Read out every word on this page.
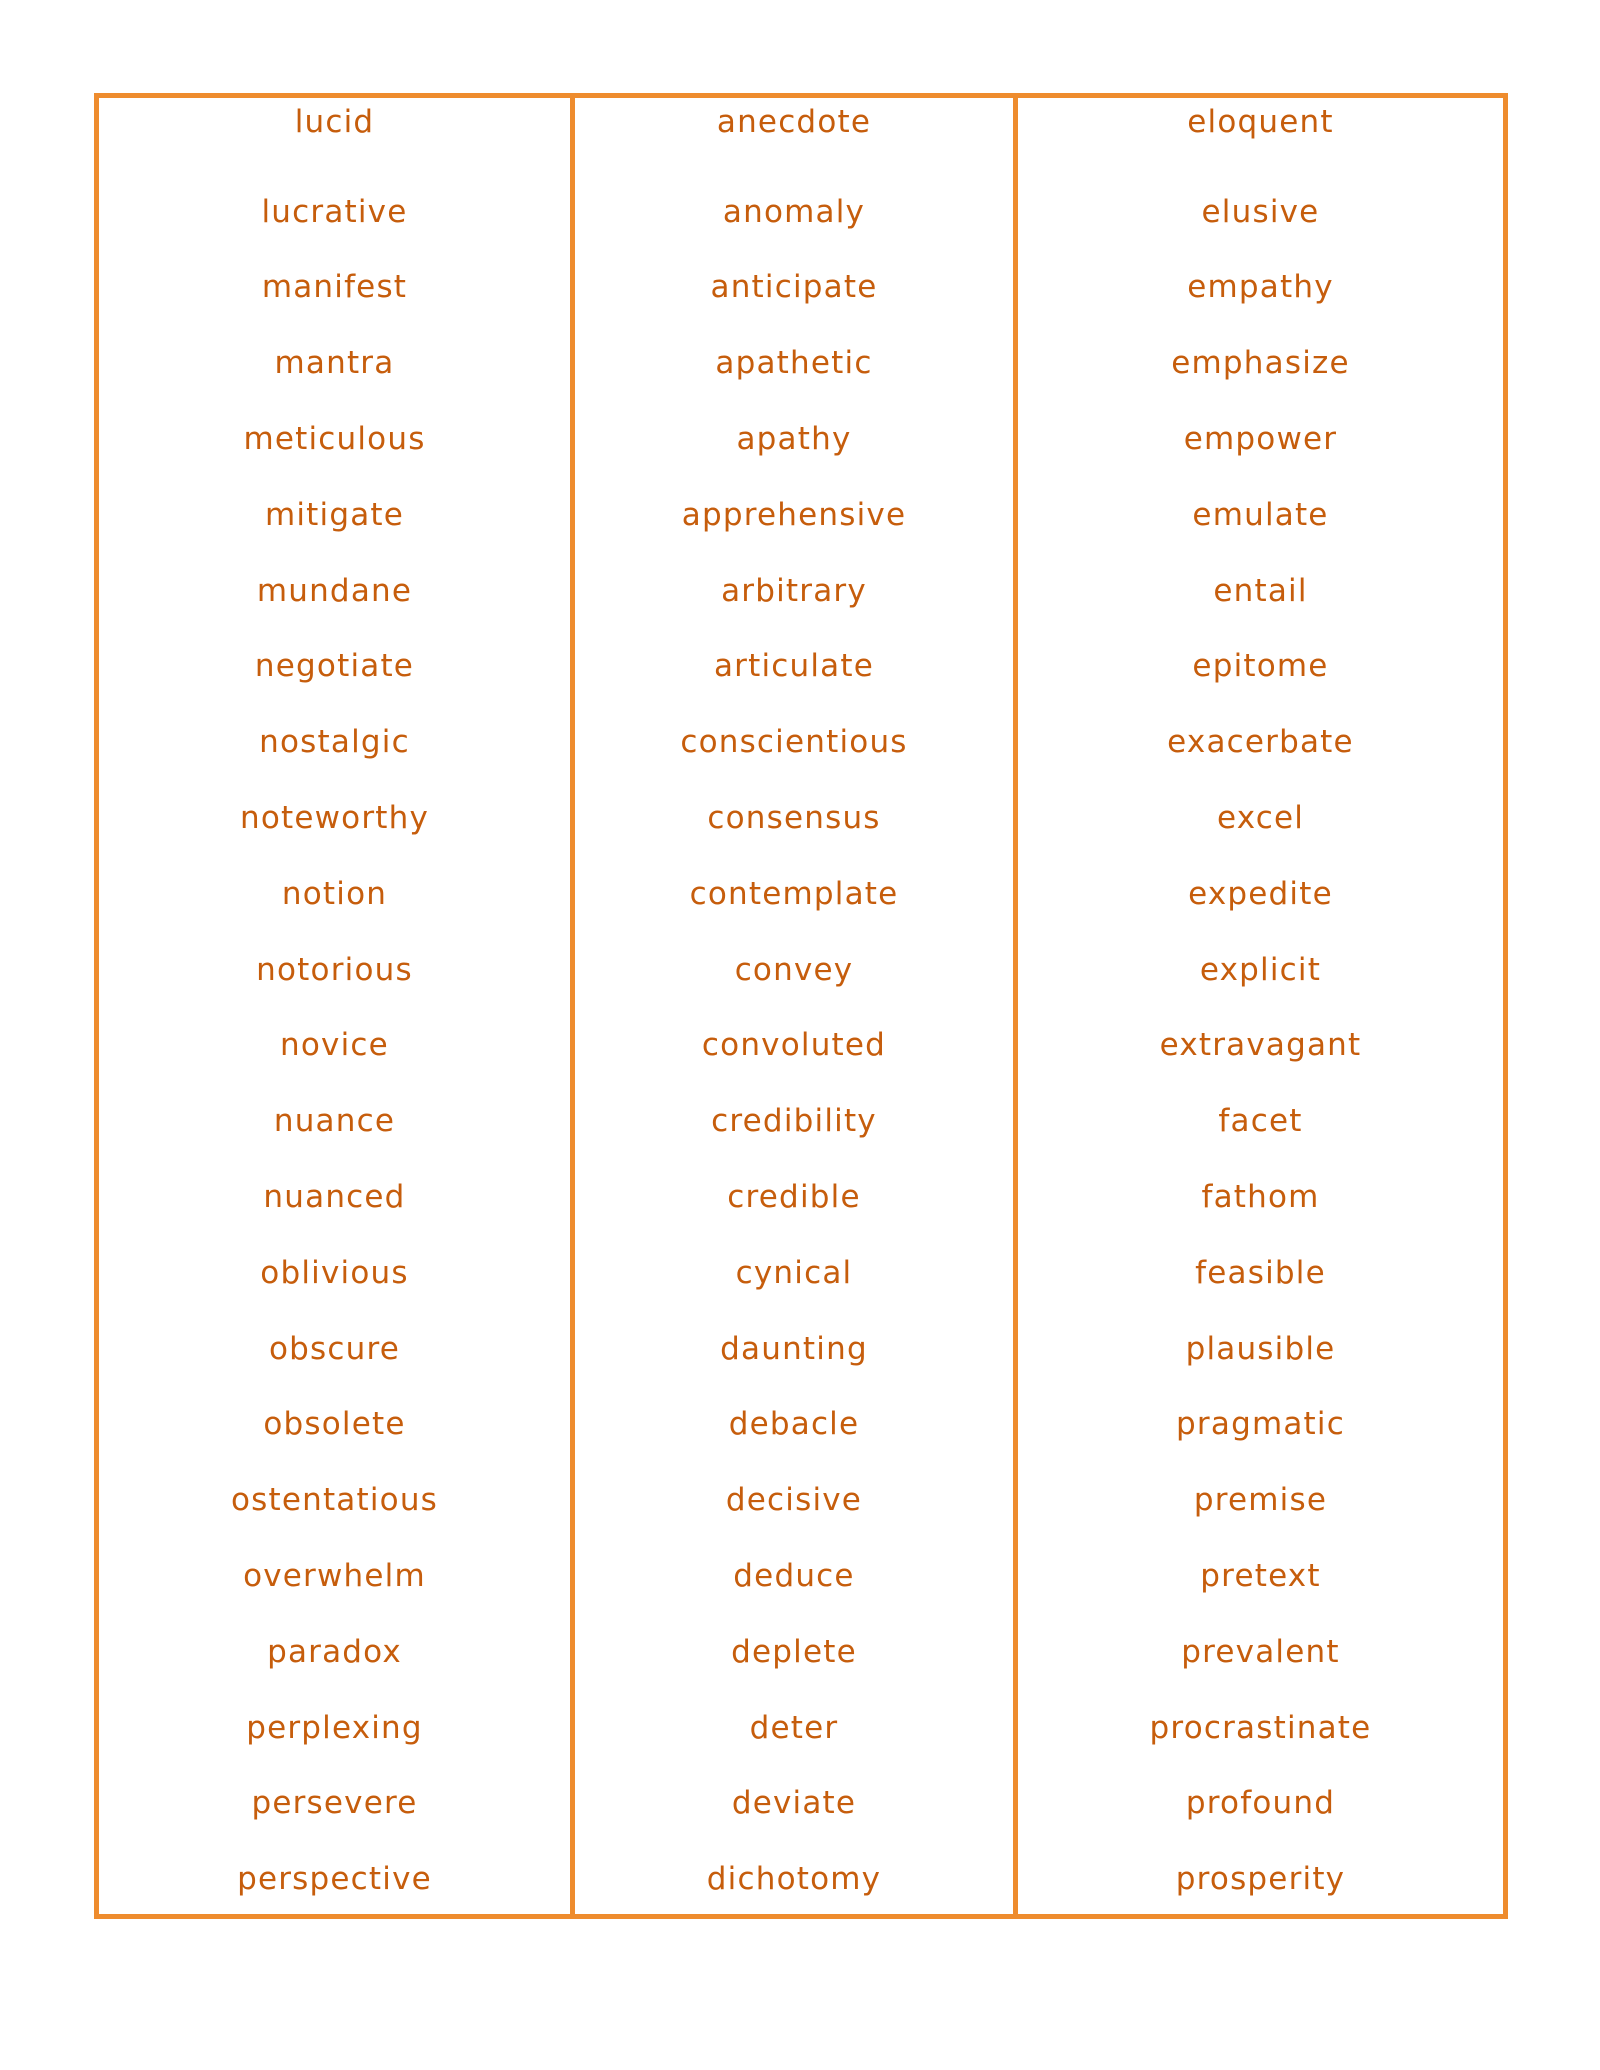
lucid
lucrative
manifest
mantra
meticulous
mitigate
mundane
negotiate
nostalgic
noteworthy
notion
notorious
novice
nuance
nuanced
oblivious
obscure
obsolete
ostentatious
overwhelm
paradox
perplexing
persevere
perspective
anecdote
anomaly
anticipate
apathetic
apathy
apprehensive
arbitrary
articulate
conscientious
consensus
contemplate
convey
convoluted
credibility
credible
cynical
daunting
debacle
decisive
deduce
deplete
deter
deviate
dichotomy
eloquent
elusive
empathy
emphasize
empower
emulate
entail
epitome
exacerbate
excel
expedite
explicit
extravagant
facet
fathom
feasible
plausible
pragmatic
premise
pretext
prevalent
procrastinate
profound
prosperity
